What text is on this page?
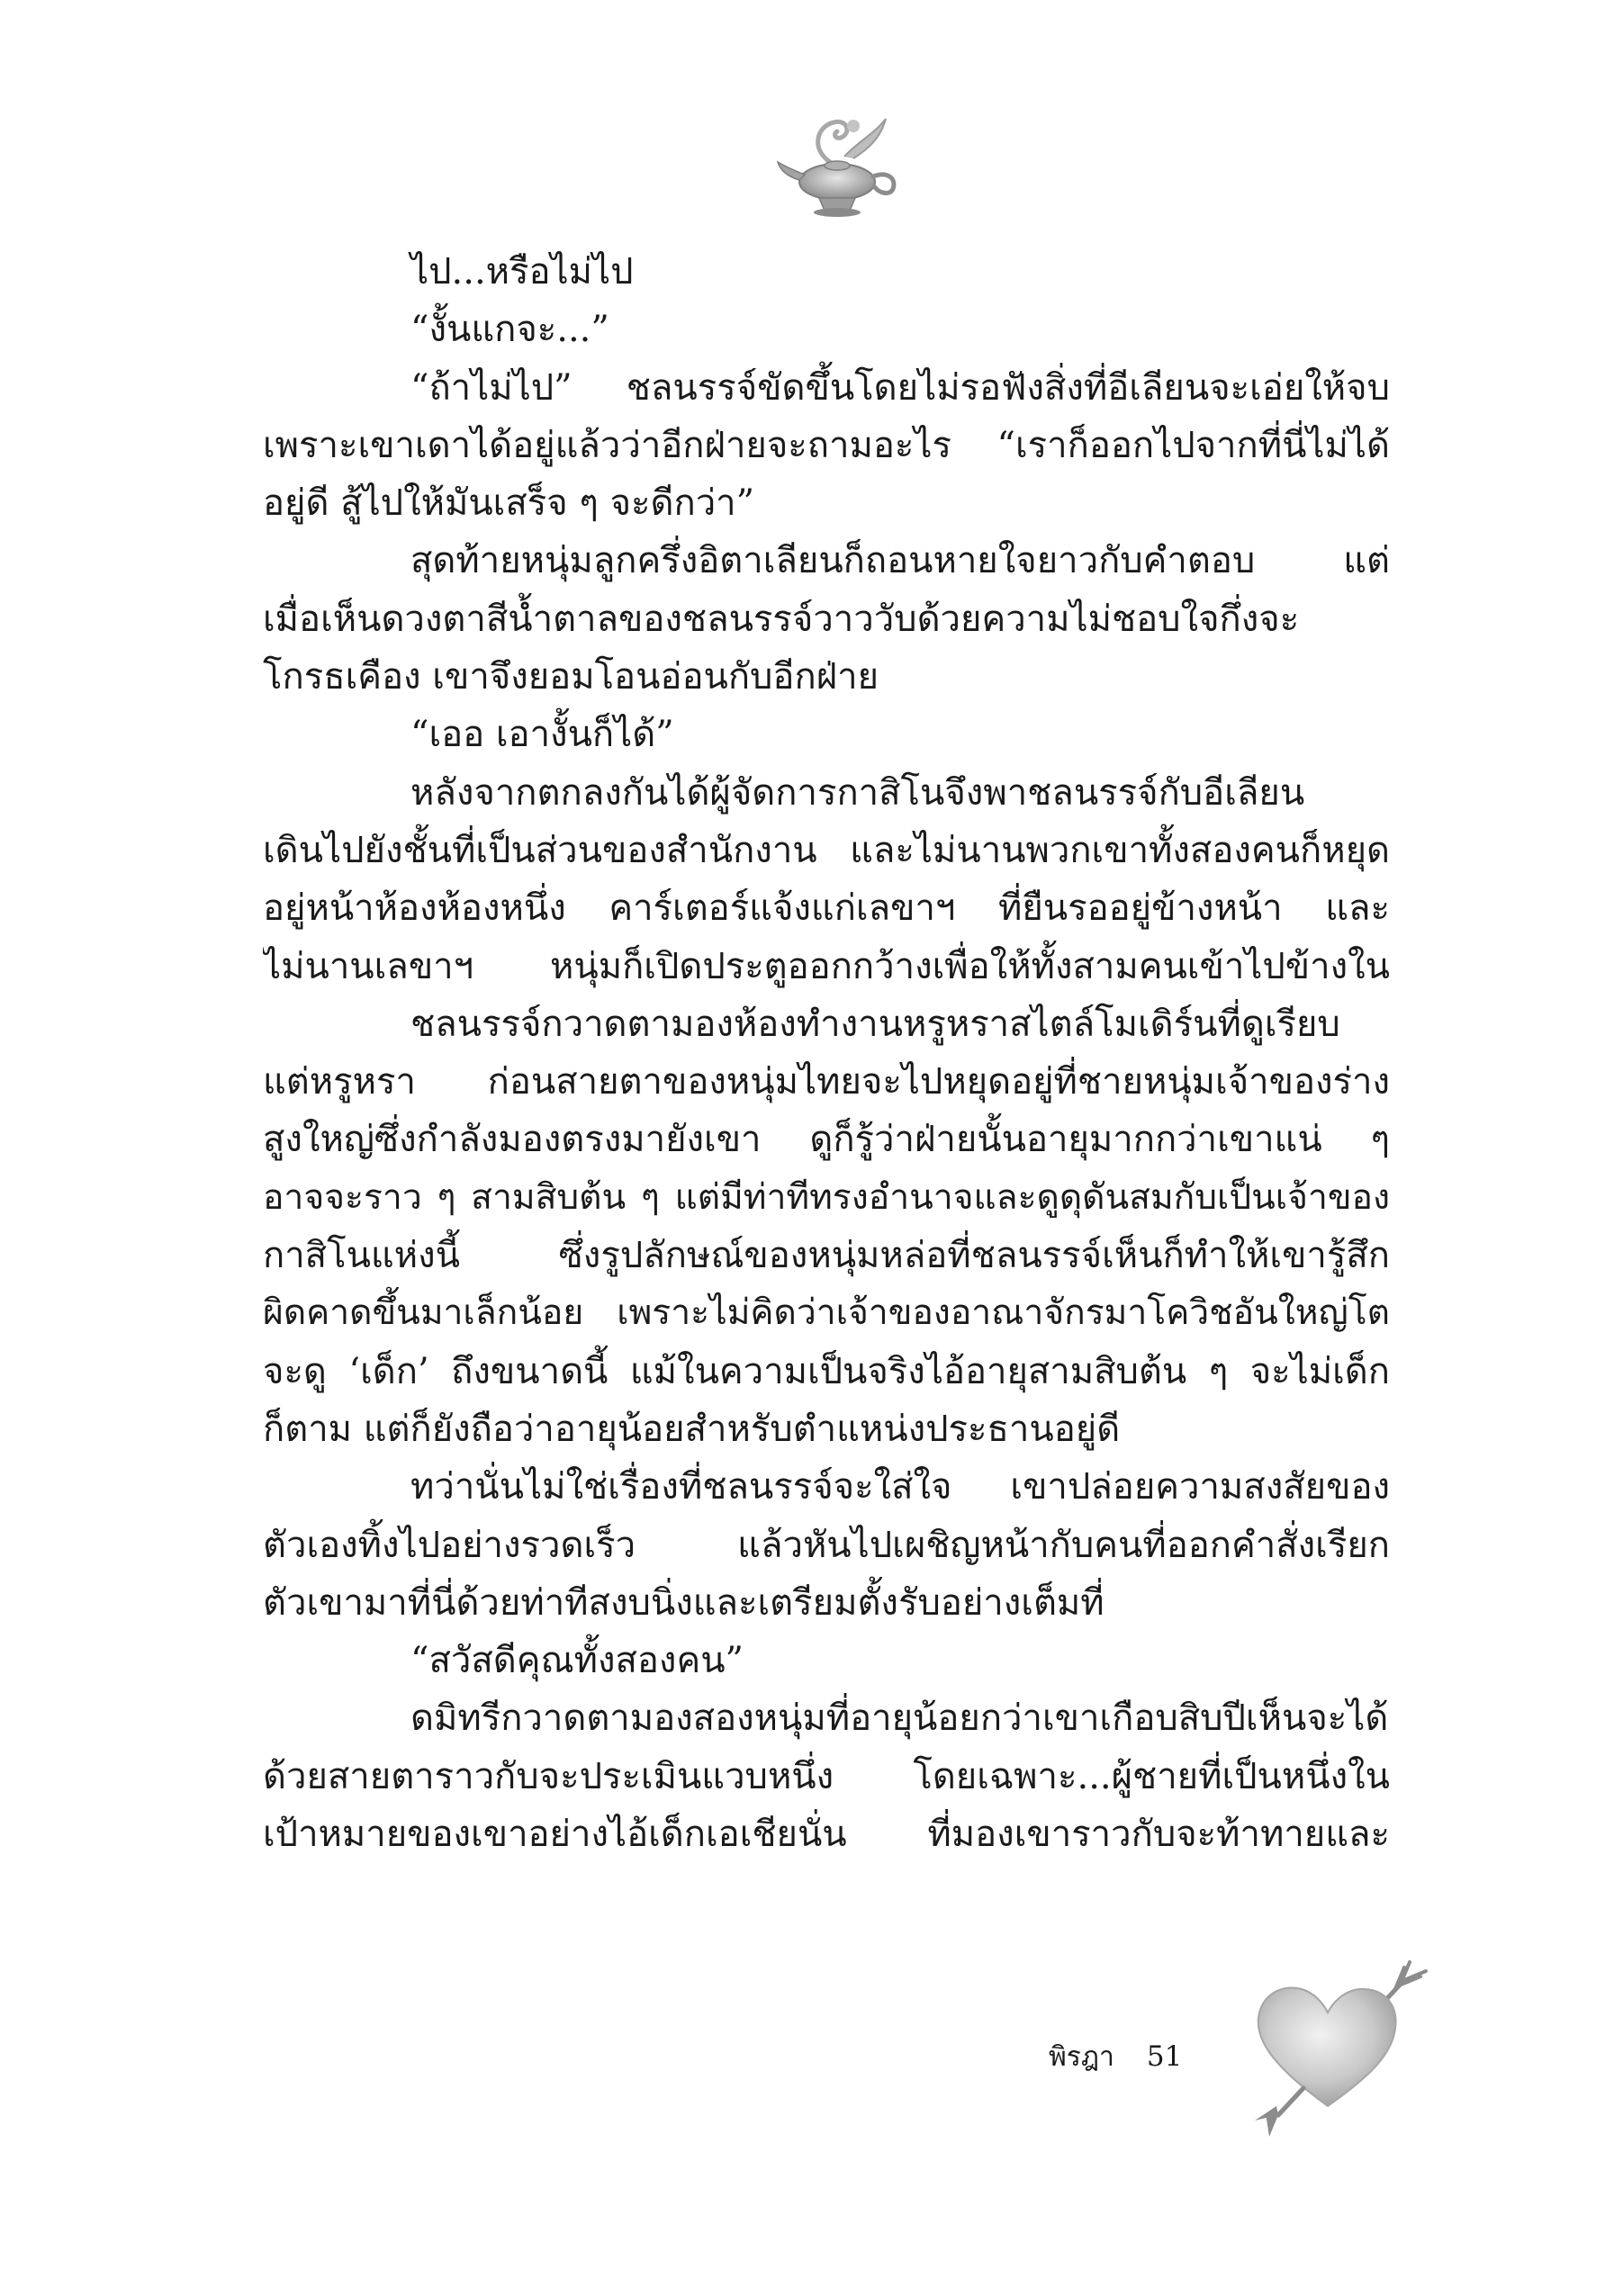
ไป...หรือไม่ไป
“งั้นแกจะ...”
“ถ้าไม่ไป” ชลนรรจ์ขัดขึ้นโดยไม่รอฟังสิ่งที่อีเลียนจะเอ่ยให้จบ
เพราะเขาเดาได้อยู่แล้วว่าอีกฝ่ายจะถามอะไร “เราก็ออกไปจากที่นี่ไม่ได้
อยู่ดี สู้ไปให้มันเสร็จ ๆ จะดีกว่า”
สุดท้ายหนุ่มลูกครึ่งอิตาเลียนก็ถอนหายใจยาวกับคำตอบ แต่
เมื่อเห็นดวงตาสีน้ำตาลของชลนรรจ์วาววับด้วยความไม่ชอบใจกึ่งจะ
โกรธเคือง เขาจึงยอมโอนอ่อนกับอีกฝ่าย
“เออ เอางั้นก็ได้”
หลังจากตกลงกันได้ผู้จัดการกาสิโนจึงพาชลนรรจ์กับอีเลียน
เดินไปยังชั้นที่เป็นส่วนของสำนักงาน และไม่นานพวกเขาทั้งสองคนก็หยุด
อยู่หน้าห้องห้องหนึ่ง คาร์เตอร์แจ้งแก่เลขาฯ ที่ยืนรออยู่ข้างหน้า และ
ไม่นานเลขาฯ หนุ่มก็เปิดประตูออกกว้างเพื่อให้ทั้งสามคนเข้าไปข้างใน
ชลนรรจ์กวาดตามองห้องทำงานหรูหราสไตล์โมเดิร์นที่ดูเรียบ
แต่หรูหรา ก่อนสายตาของหนุ่มไทยจะไปหยุดอยู่ที่ชายหนุ่มเจ้าของร่าง
สูงใหญ่ซึ่งกำลังมองตรงมายังเขา ดูก็รู้ว่าฝ่ายนั้นอายุมากกว่าเขาแน่ ๆ
อาจจะราว ๆ สามสิบต้น ๆ แต่มีท่าทีทรงอำนาจและดูดุดันสมกับเป็นเจ้าของ
กาสิโนแห่งนี้ ซึ่งรูปลักษณ์ของหนุ่มหล่อที่ชลนรรจ์เห็นก็ทำให้เขารู้สึก
ผิดคาดขึ้นมาเล็กน้อย เพราะไม่คิดว่าเจ้าของอาณาจักรมาโควิชอันใหญ่โต
จะดู ‘เด็ก’ ถึงขนาดนี้ แม้ในความเป็นจริงไอ้อายุสามสิบต้น ๆ จะไม่เด็ก
ก็ตาม แต่ก็ยังถือว่าอายุน้อยสำหรับตำแหน่งประธานอยู่ดี
ทว่านั่นไม่ใช่เรื่องที่ชลนรรจ์จะใส่ใจ เขาปล่อยความสงสัยของ
ตัวเองทิ้งไปอย่างรวดเร็ว แล้วหันไปเผชิญหน้ากับคนที่ออกคำสั่งเรียก
ตัวเขามาที่นี่ด้วยท่าทีสงบนิ่งและเตรียมตั้งรับอย่างเต็มที่
“สวัสดีคุณทั้งสองคน”
ดมิทรีกวาดตามองสองหนุ่มที่อายุน้อยกว่าเขาเกือบสิบปีเห็นจะได้
ด้วยสายตาราวกับจะประเมินแวบหนึ่ง โดยเฉพาะ...ผู้ชายที่เป็นหนึ่งใน
เป้าหมายของเขาอย่างไอ้เด็กเอเชียนั่น ที่มองเขาราวกับจะท้าทายและ
พิรฎา 51
